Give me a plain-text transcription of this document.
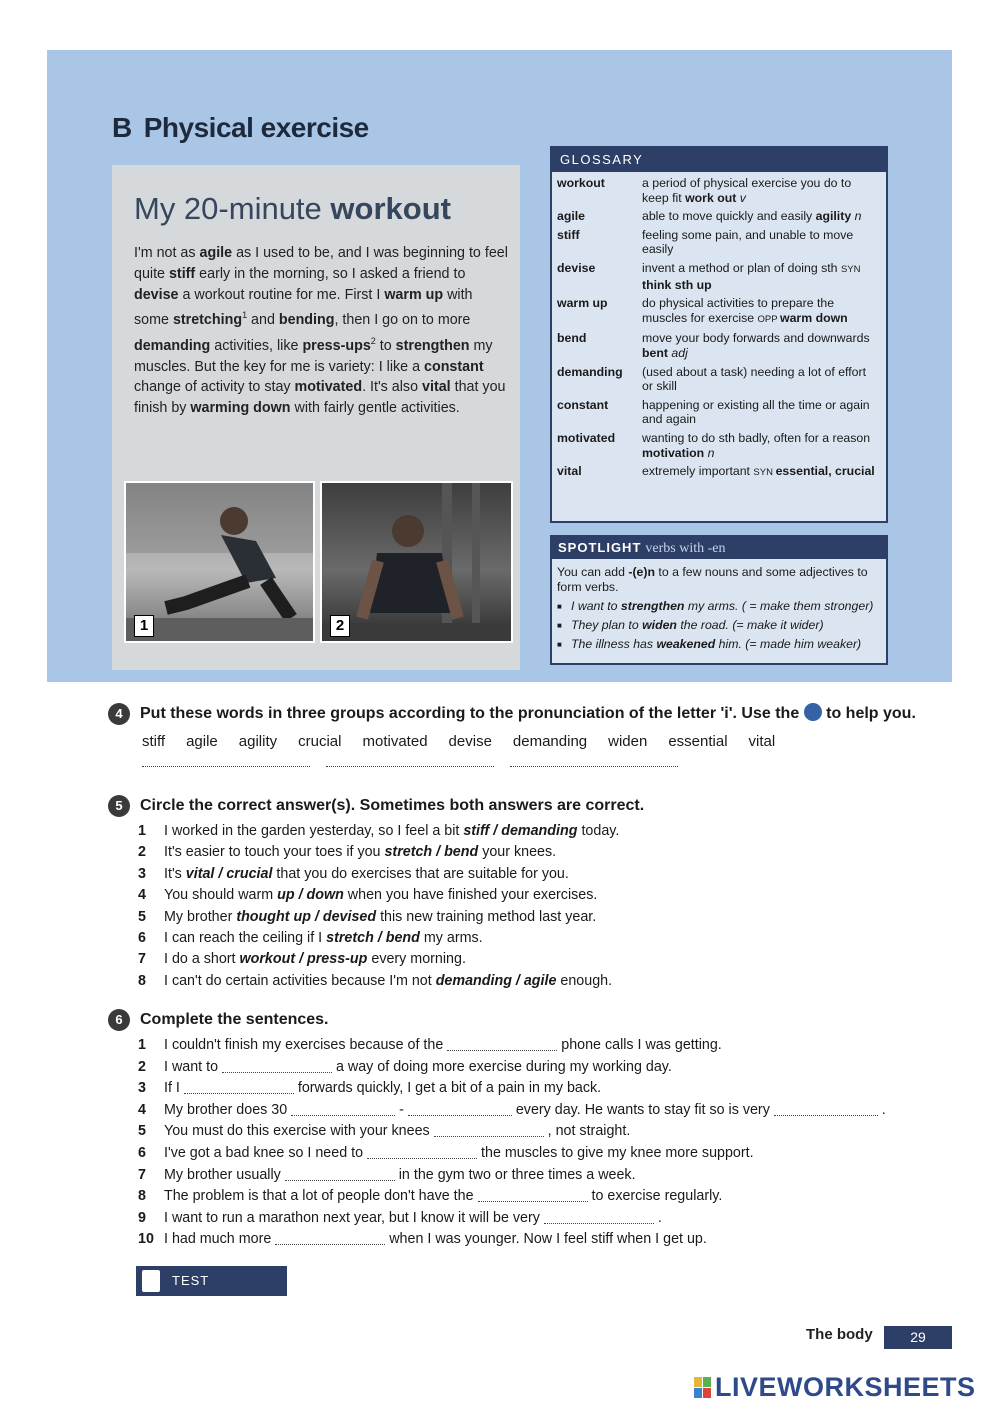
B Physical exercise
My 20-minute workout
I'm not as agile as I used to be, and I was beginning to feel quite stiff early in the morning, so I asked a friend to devise a workout routine for me. First I warm up with some stretching$^1$ and bending, then I go on to more demanding activities, like press-ups$^2$ to strengthen my muscles. But the key for me is variety: I like a constant change of activity to stay motivated. It's also vital that you finish by warming down with fairly gentle activities.
1	2
GLOSSARY
workout	a period of physical exercise you do to keep fit work out v
agile	able to move quickly and easily agility n
stiff	feeling some pain, and unable to move easily
devise	invent a method or plan of doing sth SYN think sth up
warm up	do physical activities to prepare the muscles for exercise OPP warm down
bend	move your body forwards and downwards bent adj
demanding	(used about a task) needing a lot of effort or skill
constant	happening or existing all the time or again and again
motivated	wanting to do sth badly, often for a reason motivation n
vital	extremely important SYN essential, crucial
SPOTLIGHT verbs with -en
You can add -(e)n to a few nouns and some adjectives to form verbs.
■ I want to strengthen my arms. ( = make them stronger)
■ They plan to widen the road. (= make it wider)
■ The illness has weakened him. (= made him weaker)
4	Put these words in three groups according to the pronunciation of the letter 'i'. Use the  to help you.
stiff agile agility crucial motivated devise demanding widen essential vital
5	Circle the correct answer(s). Sometimes both answers are correct.
1	I worked in the garden yesterday, so I feel a bit stiff / demanding today.
2	It's easier to touch your toes if you stretch / bend your knees.
3	It's vital / crucial that you do exercises that are suitable for you.
4	You should warm up / down when you have finished your exercises.
5	My brother thought up / devised this new training method last year.
6	I can reach the ceiling if I stretch / bend my arms.
7	I do a short workout / press-up every morning.
8	I can't do certain activities because I'm not demanding / agile enough.
6	Complete the sentences.
1	I couldn't finish my exercises because of the	phone calls I was getting.
2	I want to	a way of doing more exercise during my working day.
3	If I	forwards quickly, I get a bit of a pain in my back.
4	My brother does 30	-	every day. He wants to stay fit so is very	.
5	You must do this exercise with your knees	, not straight.
6	I've got a bad knee so I need to	the muscles to give my knee more support.
7	My brother usually	in the gym two or three times a week.
8	The problem is that a lot of people don't have the	to exercise regularly.
9	I want to run a marathon next year, but I know it will be very	.
10 I had much more	when I was younger. Now I feel stiff when I get up.
TEST YOURSELF
The body	29
LIVEWORKSHEETS
